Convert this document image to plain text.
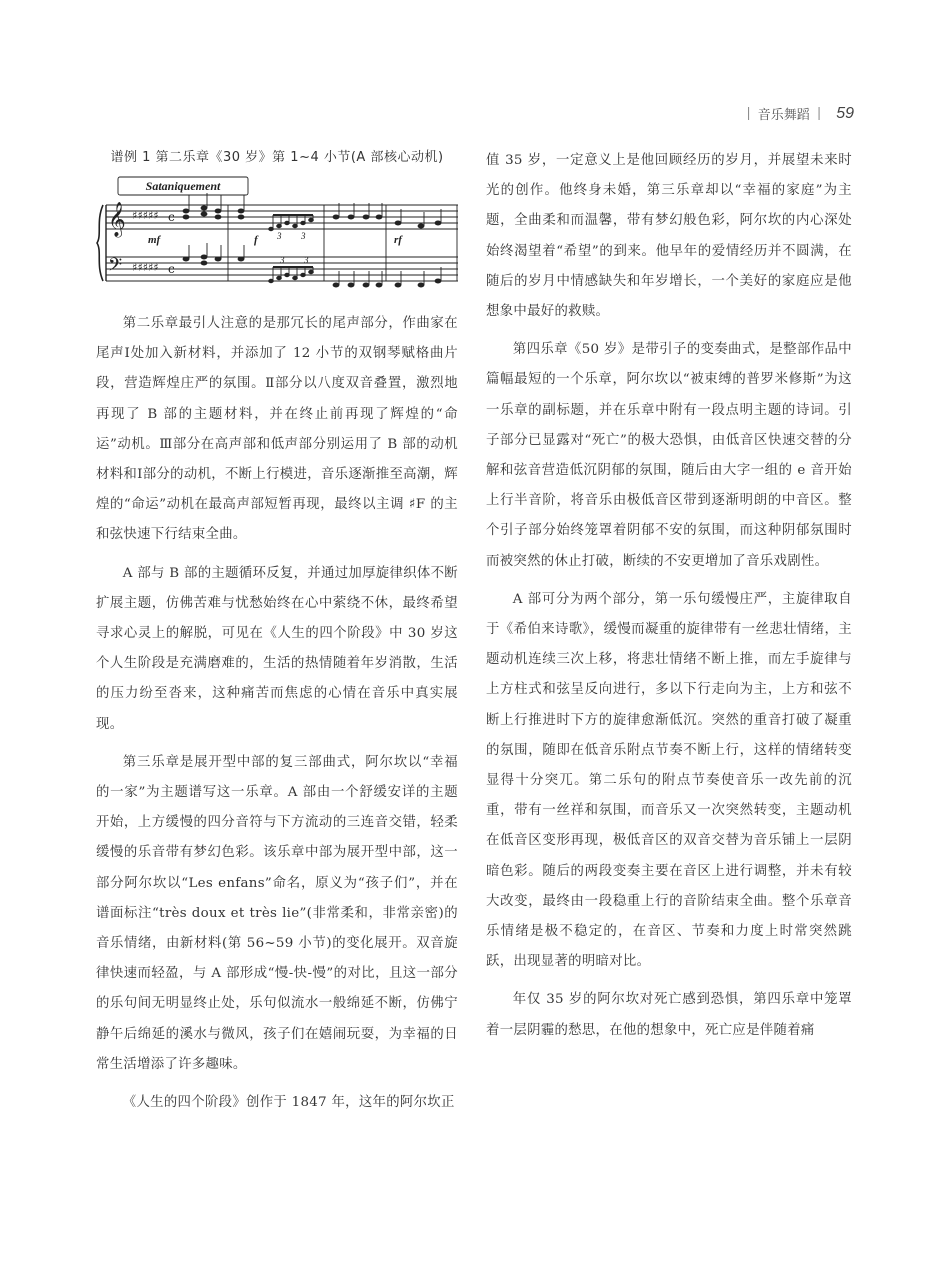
| 音乐舞蹈 | 59
谱例 1 第二乐章《30 岁》第 1~4 小节(A 部核心动机)
Sataniquement
𝄞
𝄢
♯♯♯♯♯
♯♯♯♯♯
c
c
mf	f	rf
3 3
3 3

第二乐章最引人注意的是那冗长的尾声部分，作曲家在尾声Ⅰ处加入新材料，并添加了 12 小节的双钢琴赋格曲片段，营造辉煌庄严的氛围。Ⅱ部分以八度双音叠置，激烈地再现了 B 部的主题材料，并在终止前再现了辉煌的“命运”动机。Ⅲ部分在高声部和低声部分别运用了 B 部的动机材料和Ⅰ部分的动机，不断上行模进，音乐逐渐推至高潮，辉煌的“命运”动机在最高声部短暂再现，最终以主调 ♯F 的主和弦快速下行结束全曲。

A 部与 B 部的主题循环反复，并通过加厚旋律织体不断扩展主题，仿佛苦难与忧愁始终在心中萦绕不休，最终希望寻求心灵上的解脱，可见在《人生的四个阶段》中 30 岁这个人生阶段是充满磨难的，生活的热情随着年岁消散，生活的压力纷至沓来，这种痛苦而焦虑的心情在音乐中真实展现。

第三乐章是展开型中部的复三部曲式，阿尔坎以“幸福的一家”为主题谱写这一乐章。A 部由一个舒缓安详的主题开始，上方缓慢的四分音符与下方流动的三连音交错，轻柔缓慢的乐音带有梦幻色彩。该乐章中部为展开型中部，这一部分阿尔坎以“Les enfans”命名，原义为“孩子们”，并在谱面标注“très doux et très lie”(非常柔和，非常亲密)的音乐情绪，由新材料(第 56~59 小节)的变化展开。双音旋律快速而轻盈，与 A 部形成“慢-快-慢”的对比，且这一部分的乐句间无明显终止处，乐句似流水一般绵延不断，仿佛宁静午后绵延的溪水与微风，孩子们在嬉闹玩耍，为幸福的日常生活增添了许多趣味。

《人生的四个阶段》创作于 1847 年，这年的阿尔坎正

值 35 岁，一定意义上是他回顾经历的岁月，并展望未来时光的创作。他终身未婚，第三乐章却以“幸福的家庭”为主题，全曲柔和而温馨，带有梦幻般色彩，阿尔坎的内心深处始终渴望着“希望”的到来。他早年的爱情经历并不圆满，在随后的岁月中情感缺失和年岁增长，一个美好的家庭应是他想象中最好的救赎。

第四乐章《50 岁》是带引子的变奏曲式，是整部作品中篇幅最短的一个乐章，阿尔坎以“被束缚的普罗米修斯”为这一乐章的副标题，并在乐章中附有一段点明主题的诗词。引子部分已显露对“死亡”的极大恐惧，由低音区快速交替的分解和弦音营造低沉阴郁的氛围，随后由大字一组的 e 音开始上行半音阶，将音乐由极低音区带到逐渐明朗的中音区。整个引子部分始终笼罩着阴郁不安的氛围，而这种阴郁氛围时而被突然的休止打破，断续的不安更增加了音乐戏剧性。

A 部可分为两个部分，第一乐句缓慢庄严，主旋律取自于《希伯来诗歌》，缓慢而凝重的旋律带有一丝悲壮情绪，主题动机连续三次上移，将悲壮情绪不断上推，而左手旋律与上方柱式和弦呈反向进行，多以下行走向为主，上方和弦不断上行推进时下方的旋律愈渐低沉。突然的重音打破了凝重的氛围，随即在低音乐附点节奏不断上行，这样的情绪转变显得十分突兀。第二乐句的附点节奏使音乐一改先前的沉重，带有一丝祥和氛围，而音乐又一次突然转变，主题动机在低音区变形再现，极低音区的双音交替为音乐铺上一层阴暗色彩。随后的两段变奏主要在音区上进行调整，并未有较大改变，最终由一段稳重上行的音阶结束全曲。整个乐章音乐情绪是极不稳定的，在音区、节奏和力度上时常突然跳跃，出现显著的明暗对比。

年仅 35 岁的阿尔坎对死亡感到恐惧，第四乐章中笼罩着一层阴霾的愁思，在他的想象中，死亡应是伴随着痛
